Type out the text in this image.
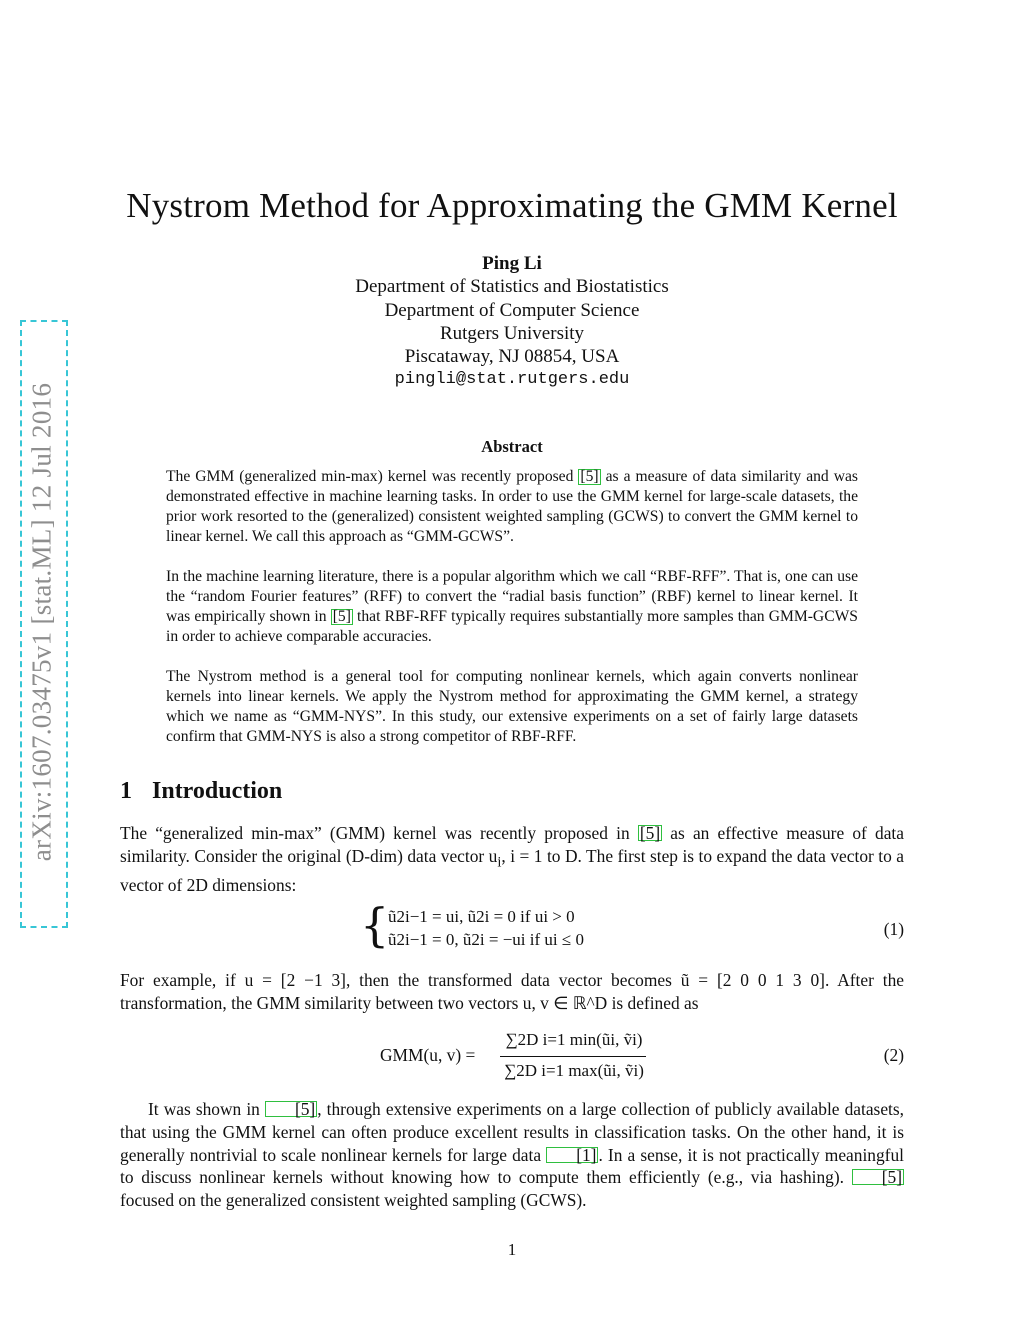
arXiv:1607.03475v1 [stat.ML] 12 Jul 2016
Nystrom Method for Approximating the GMM Kernel
Ping Li
Department of Statistics and Biostatistics
Department of Computer Science
Rutgers University
Piscataway, NJ 08854, USA
pingli@stat.rutgers.edu
Abstract

The GMM (generalized min-max) kernel was recently proposed [5] as a measure of data similarity and was demonstrated effective in machine learning tasks. In order to use the GMM kernel for large-scale datasets, the prior work resorted to the (generalized) consistent weighted sampling (GCWS) to convert the GMM kernel to linear kernel. We call this approach as “GMM-GCWS”.

In the machine learning literature, there is a popular algorithm which we call “RBF-RFF”. That is, one can use the “random Fourier features” (RFF) to convert the “radial basis function” (RBF) kernel to linear kernel. It was empirically shown in [5] that RBF-RFF typically requires substantially more samples than GMM-GCWS in order to achieve comparable accuracies.

The Nystrom method is a general tool for computing nonlinear kernels, which again converts nonlinear kernels into linear kernels. We apply the Nystrom method for approximating the GMM kernel, a strategy which we name as “GMM-NYS”. In this study, our extensive experiments on a set of fairly large datasets confirm that GMM-NYS is also a strong competitor of RBF-RFF.

1 Introduction

The “generalized min-max” (GMM) kernel was recently proposed in [5] as an effective measure of data similarity. Consider the original (D-dim) data vector $u_i$, i = 1 to D. The first step is to expand the data vector to a vector of 2D dimensions:

{
ũ2i−1 = ui, ũ2i = 0 if ui > 0
ũ2i−1 = 0, ũ2i = −ui if ui ≤ 0
(1)
For example, if u = [2 −1 3], then the transformed data vector becomes ũ = [2 0 0 1 3 0]. After the transformation, the GMM similarity between two vectors u, v ∈ ℝ^D is defined as
GMM(u, v) =
∑2D i=1 min(ũi, ṽi)
∑2D i=1 max(ũi, ṽi)
(2)

It was shown in [5] , through extensive experiments on a large collection of publicly available datasets, that using the GMM kernel can often produce excellent results in classification tasks. On the other hand, it is generally nontrivial to scale nonlinear kernels for large data [1] . In a sense, it is not practically meaningful to discuss nonlinear kernels without knowing how to compute them efficiently (e.g., via hashing). [5] focused on the generalized consistent weighted sampling (GCWS).

1
